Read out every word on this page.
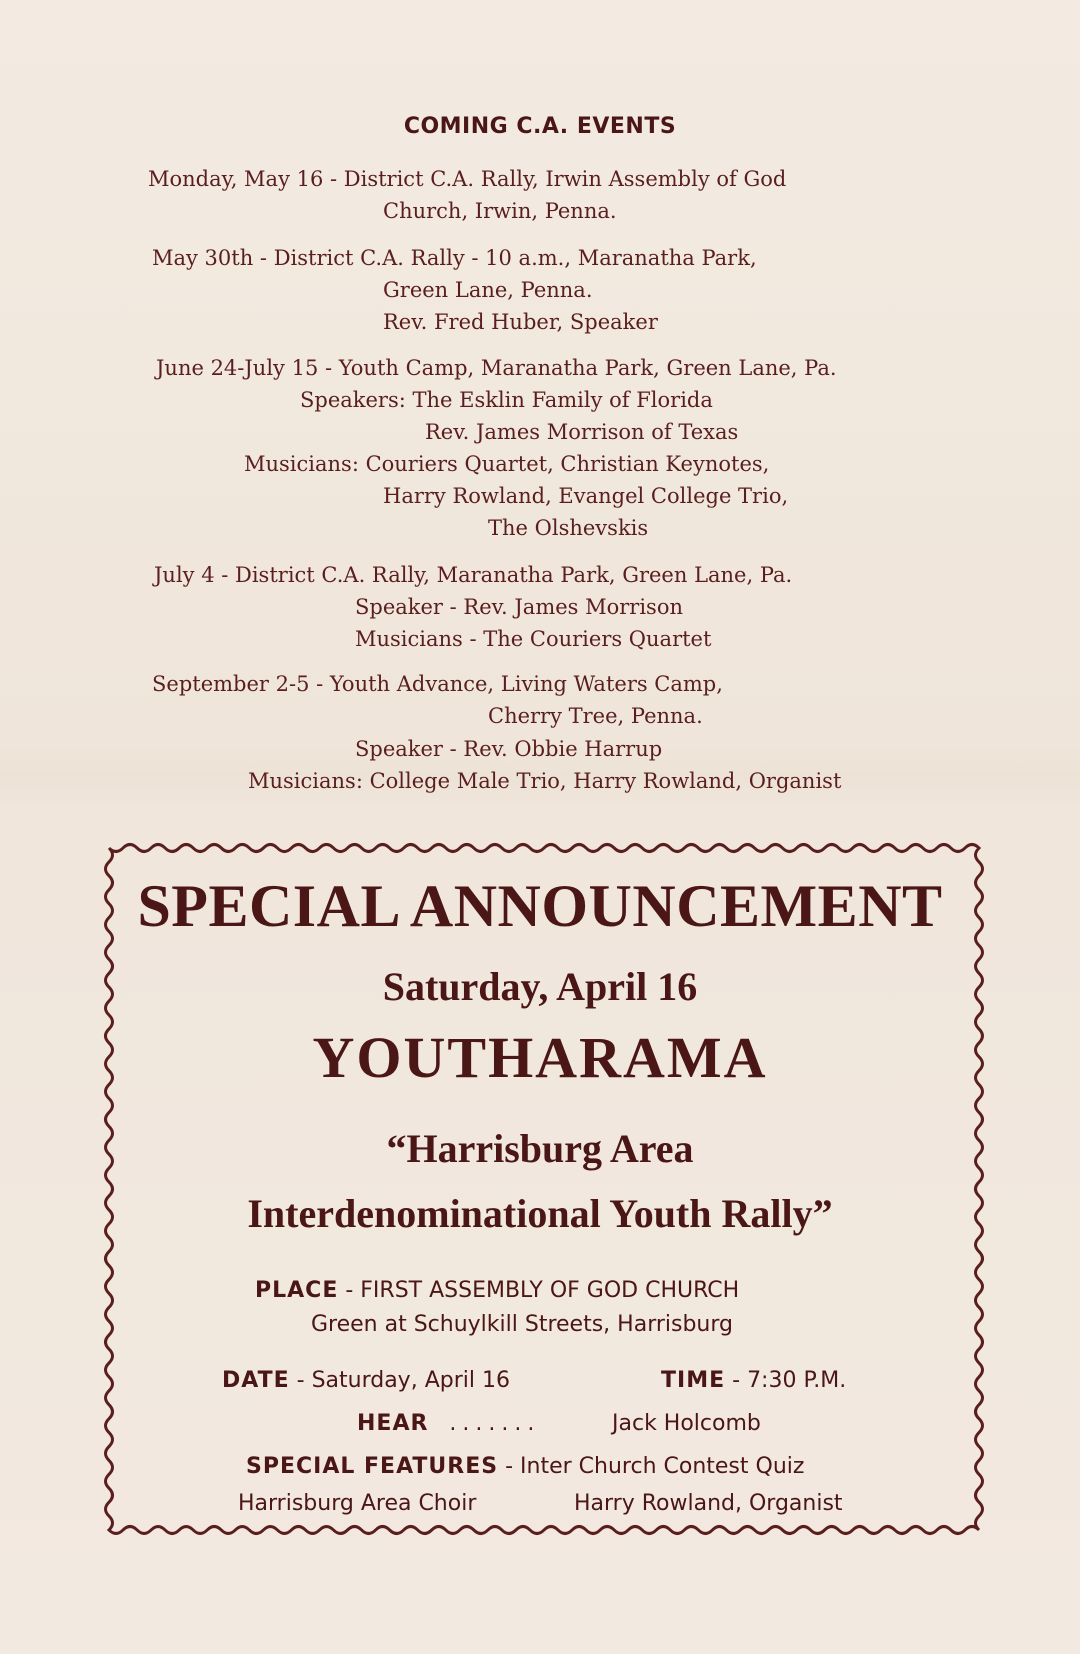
COMING C.A. EVENTS
Monday, May 16 - District C.A. Rally, Irwin Assembly of God
Church, Irwin, Penna.
May 30th - District C.A. Rally - 10 a.m., Maranatha Park,
Green Lane, Penna.
Rev. Fred Huber, Speaker
June 24-July 15 - Youth Camp, Maranatha Park, Green Lane, Pa.
Speakers: The Esklin Family of Florida
Rev. James Morrison of Texas
Musicians: Couriers Quartet, Christian Keynotes,
Harry Rowland, Evangel College Trio,
The Olshevskis
July 4 - District C.A. Rally, Maranatha Park, Green Lane, Pa.
Speaker - Rev. James Morrison
Musicians - The Couriers Quartet
September 2-5 - Youth Advance, Living Waters Camp,
Cherry Tree, Penna.
Speaker - Rev. Obbie Harrup
Musicians: College Male Trio, Harry Rowland, Organist
SPECIAL ANNOUNCEMENT
Saturday, April 16
YOUTHARAMA
“Harrisburg Area
Interdenominational Youth Rally”
PLACE - FIRST ASSEMBLY OF GOD CHURCH
Green at Schuylkill Streets, Harrisburg
DATE - Saturday, April 16	TIME - 7:30 P.M.
HEAR .......	Jack Holcomb
SPECIAL FEATURES - Inter Church Contest Quiz
Harrisburg Area Choir	Harry Rowland, Organist
